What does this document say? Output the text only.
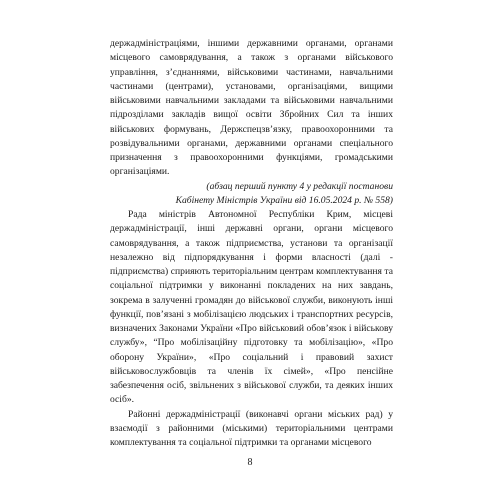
держадміністраціями, іншими державними органами, органами місцевого самоврядування, а також з органами військового управління, з’єднаннями, військовими частинами, навчальними частинами (центрами), установами, організаціями, вищими військовими навчальними закладами та військовими навчальними підрозділами закладів вищої освіти Збройних Сил та інших військових формувань, Держспецзв’язку, правоохоронними та розвідувальними органами, державними органами спеціального призначення з правоохоронними функціями, громадськими організаціями.

(абзац перший пункту 4 у редакції постанови

Кабінету Міністрів України від 16.05.2024 р. № 558)

Рада міністрів Автономної Республіки Крим, місцеві держадміністрації, інші державні органи, органи місцевого самоврядування, а також підприємства, установи та організації незалежно від підпорядкування і форми власності (далі - підприємства) сприяють територіальним центрам комплектування та соціальної підтримки у виконанні покладених на них завдань, зокрема в залученні громадян до військової служби, виконують інші функції, пов’язані з мобілізацією людських і транспортних ресурсів, визначених Законами України «Про військовий обов’язок і військову службу», “Про мобілізаційну підготовку та мобілізацію», «Про оборону України», «Про соціальний і правовий захист військовослужбовців та членів їх сімей», «Про пенсійне забезпечення осіб, звільнених з військової служби, та деяких інших осіб».

Районні держадміністрації (виконавчі органи міських рад) у взаємодії з районними (міськими) територіальними центрами комплектування та соціальної підтримки та органами місцевого

8
